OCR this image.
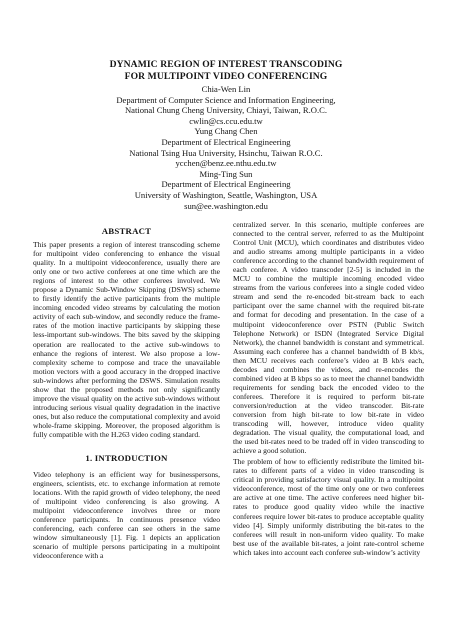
DYNAMIC REGION OF INTEREST TRANSCODING

FOR MULTIPOINT VIDEO CONFERENCING

Chia-Wen Lin
Department of Computer Science and Information Engineering,
National Chung Cheng University, Chiayi, Taiwan, R.O.C.
cwlin@cs.ccu.edu.tw
Yung Chang Chen
Department of Electrical Engineering
National Tsing Hua University, Hsinchu, Taiwan R.O.C.
ycchen@benz.ee.nthu.edu.tw
Ming-Ting Sun
Department of Electrical Engineering
University of Washington, Seattle, Washington, USA
sun@ee.washington.edu
ABSTRACT

This paper presents a region of interest transcoding scheme for multipoint video conferencing to enhance the visual quality. In a multipoint videoconference, usually there are only one or two active conferees at one time which are the regions of interest to the other conferees involved. We propose a Dynamic Sub-Window Skipping (DSWS) scheme to firstly identify the active participants from the multiple incoming encoded video streams by calculating the motion activity of each sub-window, and secondly reduce the frame-rates of the motion inactive participants by skipping these less-important sub-windows. The bits saved by the skipping operation are reallocated to the active sub-windows to enhance the regions of interest. We also propose a low-complexity scheme to compose and trace the unavailable motion vectors with a good accuracy in the dropped inactive sub-windows after performing the DSWS. Simulation results show that the proposed methods not only significantly improve the visual quality on the active sub-windows without introducing serious visual quality degradation in the inactive ones, but also reduce the computational complexity and avoid whole-frame skipping. Moreover, the proposed algorithm is fully compatible with the H.263 video coding standard.

1. INTRODUCTION

Video telephony is an efficient way for businesspersons, engineers, scientists, etc. to exchange information at remote locations. With the rapid growth of video telephony, the need of multipoint video conferencing is also growing. A multipoint videoconference involves three or more conference participants. In continuous presence video conferencing, each conferee can see others in the same window simultaneously [1]. Fig. 1 depicts an application scenario of multiple persons participating in a multipoint videoconference with a

centralized server. In this scenario, multiple conferees are connected to the central server, referred to as the Multipoint Control Unit (MCU), which coordinates and distributes video and audio streams among multiple participants in a video conference according to the channel bandwidth requirement of each conferee. A video transcoder [2-5] is included in the MCU to combine the multiple incoming encoded video streams from the various conferees into a single coded video stream and send the re-encoded bit-stream back to each participant over the same channel with the required bit-rate and format for decoding and presentation. In the case of a multipoint videoconference over PSTN (Public Switch Telephone Network) or ISDN (Integrated Service Digital Network), the channel bandwidth is constant and symmetrical. Assuming each conferee has a channel bandwidth of B kb/s, then MCU receives each conferee’s video at B kb/s each, decodes and combines the videos, and re-encodes the combined video at B kbps so as to meet the channel bandwidth requirements for sending back the encoded video to the conferees. Therefore it is required to perform bit-rate conversion/reduction at the video transcoder. Bit-rate conversion from high bit-rate to low bit-rate in video transcoding will, however, introduce video quality degradation. The visual quality, the computational load, and the used bit-rates need to be traded off in video transcoding to achieve a good solution.

The problem of how to efficiently redistribute the limited bit-rates to different parts of a video in video transcoding is critical in providing satisfactory visual quality. In a multipoint videoconference, most of the time only one or two conferees are active at one time. The active conferees need higher bit-rates to produce good quality video while the inactive conferees require lower bit-rates to produce acceptable quality video [4]. Simply uniformly distributing the bit-rates to the conferees will result in non-uniform video quality. To make best use of the available bit-rates, a joint rate-control scheme which takes into account each conferee sub-window’s activity
